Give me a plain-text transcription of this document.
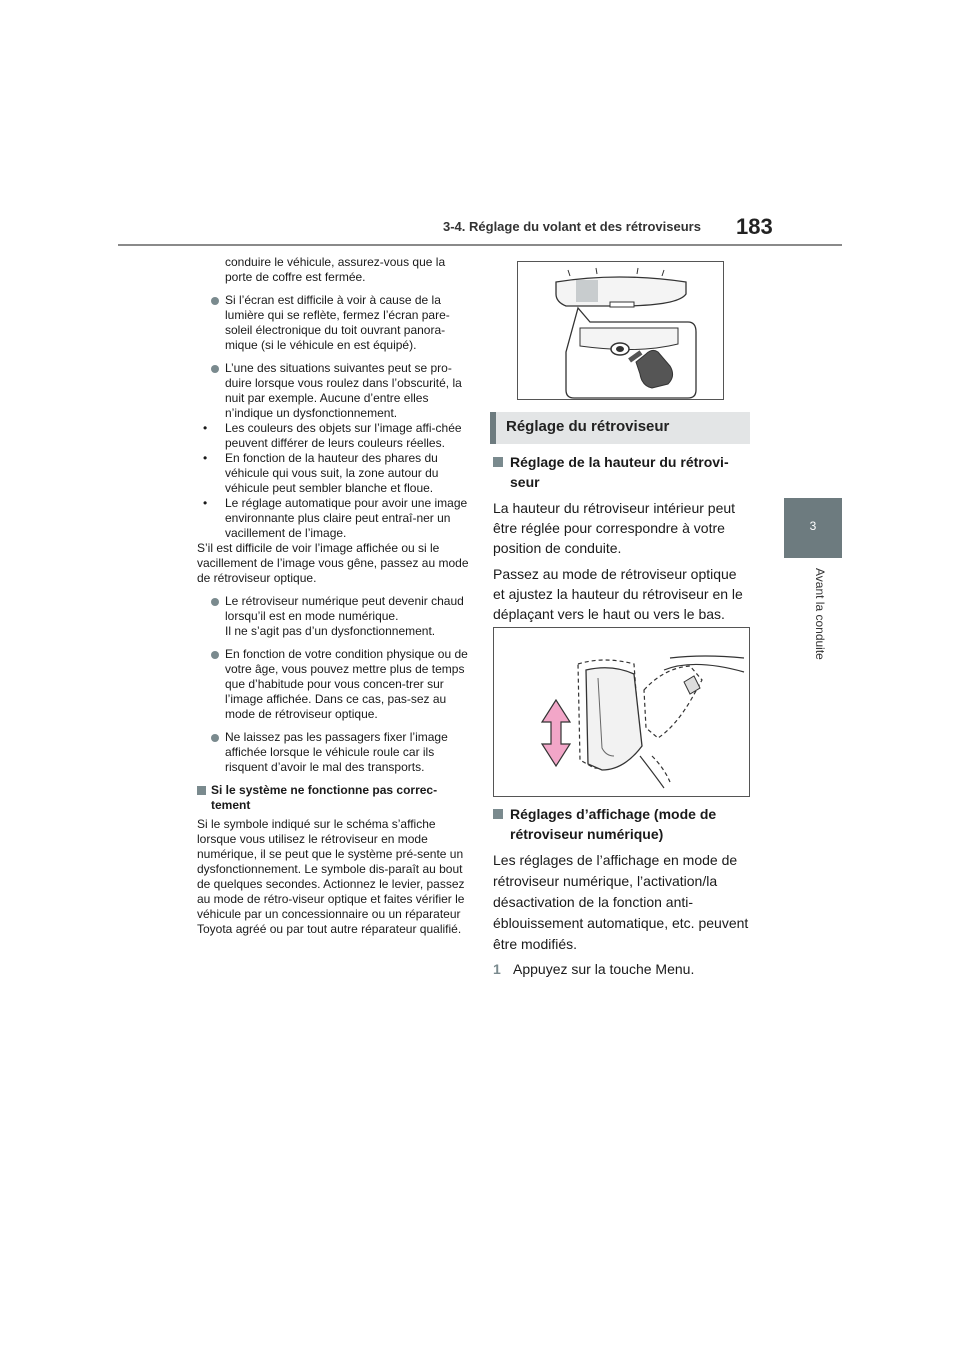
3-4. Réglage du volant et des rétroviseurs 183
3
Avant la conduite

conduire le véhicule, assurez-vous que la porte de coffre est fermée.

Si l’écran est difficile à voir à cause de la lumière qui se reflète, fermez l’écran pare-soleil électronique du toit ouvrant panora-mique (si le véhicule en est équipé).

L’une des situations suivantes peut se pro-duire lorsque vous roulez dans l’obscurité, la nuit par exemple. Aucune d’entre elles n’indique un dysfonctionnement.

• Les couleurs des objets sur l’image affi-chée peuvent différer de leurs couleurs réelles.

• En fonction de la hauteur des phares du véhicule qui vous suit, la zone autour du véhicule peut sembler blanche et floue.

• Le réglage automatique pour avoir une image environnante plus claire peut entraî-ner un vacillement de l’image.

S’il est difficile de voir l’image affichée ou si le vacillement de l’image vous gêne, passez au mode de rétroviseur optique.

Le rétroviseur numérique peut devenir chaud lorsqu’il est en mode numérique.
Il ne s’agit pas d’un dysfonctionnement.

En fonction de votre condition physique ou de votre âge, vous pouvez mettre plus de temps que d’habitude pour vous concen-trer sur l’image affichée. Dans ce cas, pas-sez au mode de rétroviseur optique.

Ne laissez pas les passagers fixer l’image affichée lorsque le véhicule roule car ils risquent d’avoir le mal des transports.

Si le système ne fonctionne pas correc-tement

Si le symbole indiqué sur le schéma s’affiche lorsque vous utilisez le rétroviseur en mode numérique, il se peut que le système pré-sente un dysfonctionnement. Le symbole dis-paraît au bout de quelques secondes. Actionnez le levier, passez au mode de rétro-viseur optique et faites vérifier le véhicule par un concessionnaire ou un réparateur Toyota agréé ou par tout autre réparateur qualifié.

Réglage du rétroviseur

Réglage de la hauteur du rétrovi-seur

La hauteur du rétroviseur intérieur peut être réglée pour correspondre à votre position de conduite.

Passez au mode de rétroviseur optique et ajustez la hauteur du rétroviseur en le déplaçant vers le haut ou vers le bas.

Réglages d’affichage (mode de rétroviseur numérique)

Les réglages de l’affichage en mode de rétroviseur numérique, l’activation/la désactivation de la fonction anti-éblouissement automatique, etc. peuvent être modifiés.

1 Appuyez sur la touche Menu.
